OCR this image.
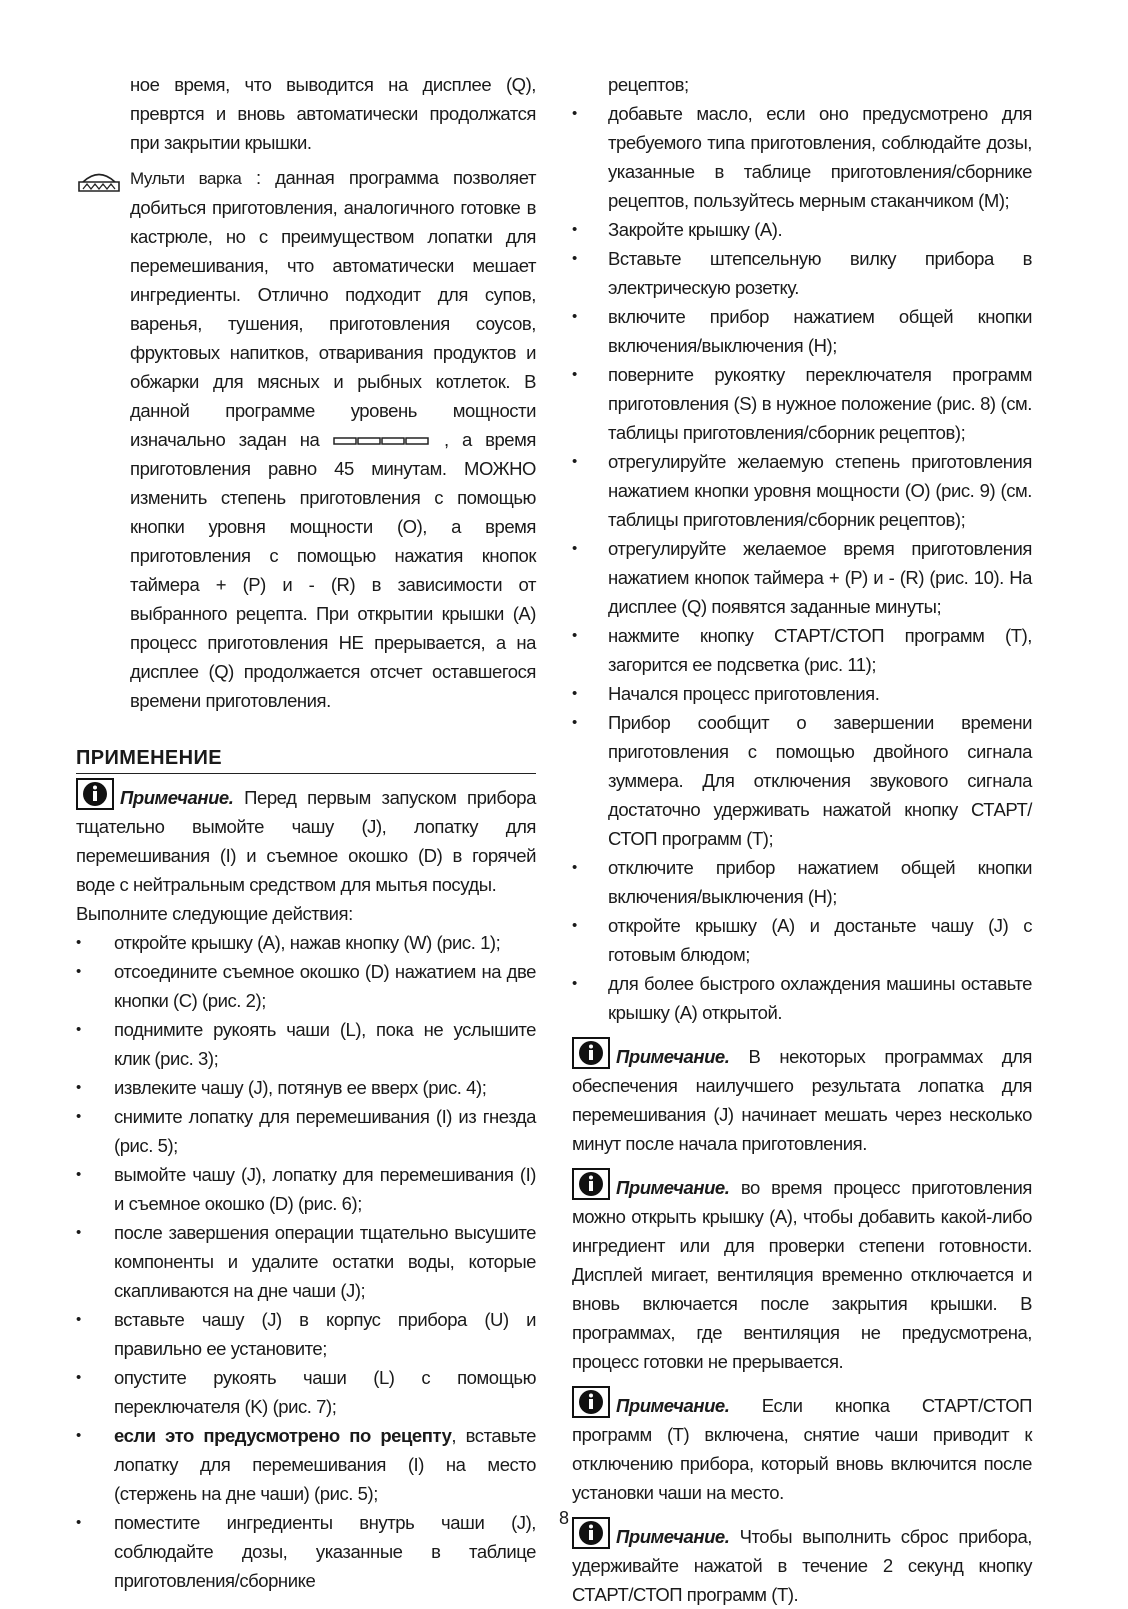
ное время, что выводится на дисплее (Q), превртся и вновь автоматически продолжатся при закрытии крышки.

Мульти варка : данная программа позволяет добиться приготовления, аналогичного готовке в кастрюле, но с преимуществом лопатки для перемешивания, что автоматически мешает ингредиенты. Отлично подходит для супов, варенья, тушения, приготовления соусов, фруктовых напитков, отваривания продуктов и обжарки для мясных и рыбных котлеток. В данной программе уровень мощности изначально задан на	, а время приготовления равно 45 минутам. МОЖНО изменить степень приготовления с помощью кнопки уровня мощности (O), а время приготовления с помощью нажатия кнопок таймера + (P) и - (R) в зависимости от выбранного рецепта. При открытии крышки (A) процесс приготовления НЕ прерывается, а на дисплее (Q) продолжается отсчет оставшегося времени приготовления.

ПРИМЕНЕНИЕ

Примечание. Перед первым запуском прибора тщательно вымойте чашу (J), лопатку для перемешивания (I) и съемное окошко (D) в горячей воде с нейтральным средством для мытья посуды.

Выполните следующие действия:

• откройте крышку (A), нажав кнопку (W) (рис. 1);
• отсоедините съемное окошко (D) нажатием на две кнопки (C) (рис. 2);
• поднимите рукоять чаши (L), пока не услышите клик (рис. 3);
• извлеките чашу (J), потянув ее вверх (рис. 4);
• снимите лопатку для перемешивания (I) из гнезда (рис. 5);
• вымойте чашу (J), лопатку для перемешивания (I) и съемное окошко (D) (рис. 6);
• после завершения операции тщательно высушите компоненты и удалите остатки воды, которые скапливаются на дне чаши (J);
• вставьте чашу (J) в корпус прибора (U) и правильно ее установите;
• опустите рукоять чаши (L) с помощью переключателя (K) (рис. 7);
• если это предусмотрено по рецепту, вставьте лопатку для перемешивания (I) на место (стержень на дне чаши) (рис. 5);
• поместите ингредиенты внутрь чаши (J), соблюдайте дозы, указанные в таблице приготовления/сборнике

рецептов;

• добавьте масло, если оно предусмотрено для требуемого типа приготовления, соблюдайте дозы, указанные в таблице приготовления/сборнике рецептов, пользуйтесь мерным стаканчиком (M);
• Закройте крышку (A).
• Вставьте штепсельную вилку прибора в электрическую розетку.
• включите прибор нажатием общей кнопки включения/выключения (H);
• поверните рукоятку переключателя программ приготовления (S) в нужное положение (рис. 8) (см. таблицы приготовления/сборник рецептов);
• отрегулируйте желаемую степень приготовления нажатием кнопки уровня мощности (O) (рис. 9) (см. таблицы приготовления/сборник рецептов);
• отрегулируйте желаемое время приготовления нажатием кнопок таймера + (P) и - (R) (рис. 10). На дисплее (Q) появятся заданные минуты;
• нажмите кнопку СТАРТ/СТОП программ (T), загорится ее подсветка (рис. 11);
• Начался процесс приготовления.
• Прибор сообщит о завершении времени приготовления с помощью двойного сигнала зуммера. Для отключения звукового сигнала достаточно удерживать нажатой кнопку СТАРТ/СТОП программ (T);
• отключите прибор нажатием общей кнопки включения/выключения (H);
• откройте крышку (A) и достаньте чашу (J) с готовым блюдом;
• для более быстрого охлаждения машины оставьте крышку (A) открытой.

Примечание. В некоторых программах для обеспечения наилучшего результата лопатка для перемешивания (J) начинает мешать через несколько минут после начала приготовления.

Примечание. во время процесс приготовления можно открыть крышку (A), чтобы добавить какой-либо ингредиент или для проверки степени готовности. Дисплей мигает, вентиляция временно отключается и вновь включается после закрытия крышки. В программах, где вентиляция не предусмотрена, процесс готовки не прерывается.

Примечание. Если кнопка СТАРТ/СТОП программ (T) включена, снятие чаши приводит к отключению прибора, который вновь включится после установки чаши на место.

Примечание. Чтобы выполнить сброс прибора, удерживайте нажатой в течение 2 секунд кнопку СТАРТ/СТОП программ (T).

8
